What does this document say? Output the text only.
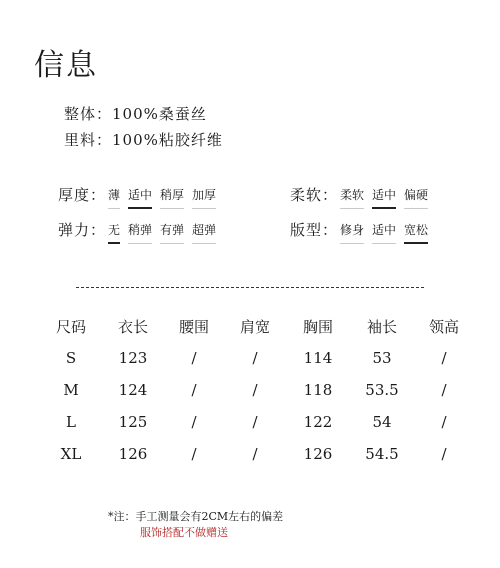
信息
整体：100%桑蚕丝
里料：100%粘胶纤维
厚度： 薄 适中 稍厚 加厚	柔软： 柔软 适中 偏硬
弹力： 无 稍弹 有弹 超弹	版型： 修身 适中 宽松
尺码	衣长	腰围	肩宽	胸围	袖长	领高
S	123	/	/	114	53	/
M	124	/	/	118	53.5	/
L	125	/	/	122	54	/
XL	126	/	/	126	54.5	/
*注：手工测量会有2CM左右的偏差
服饰搭配不做赠送
